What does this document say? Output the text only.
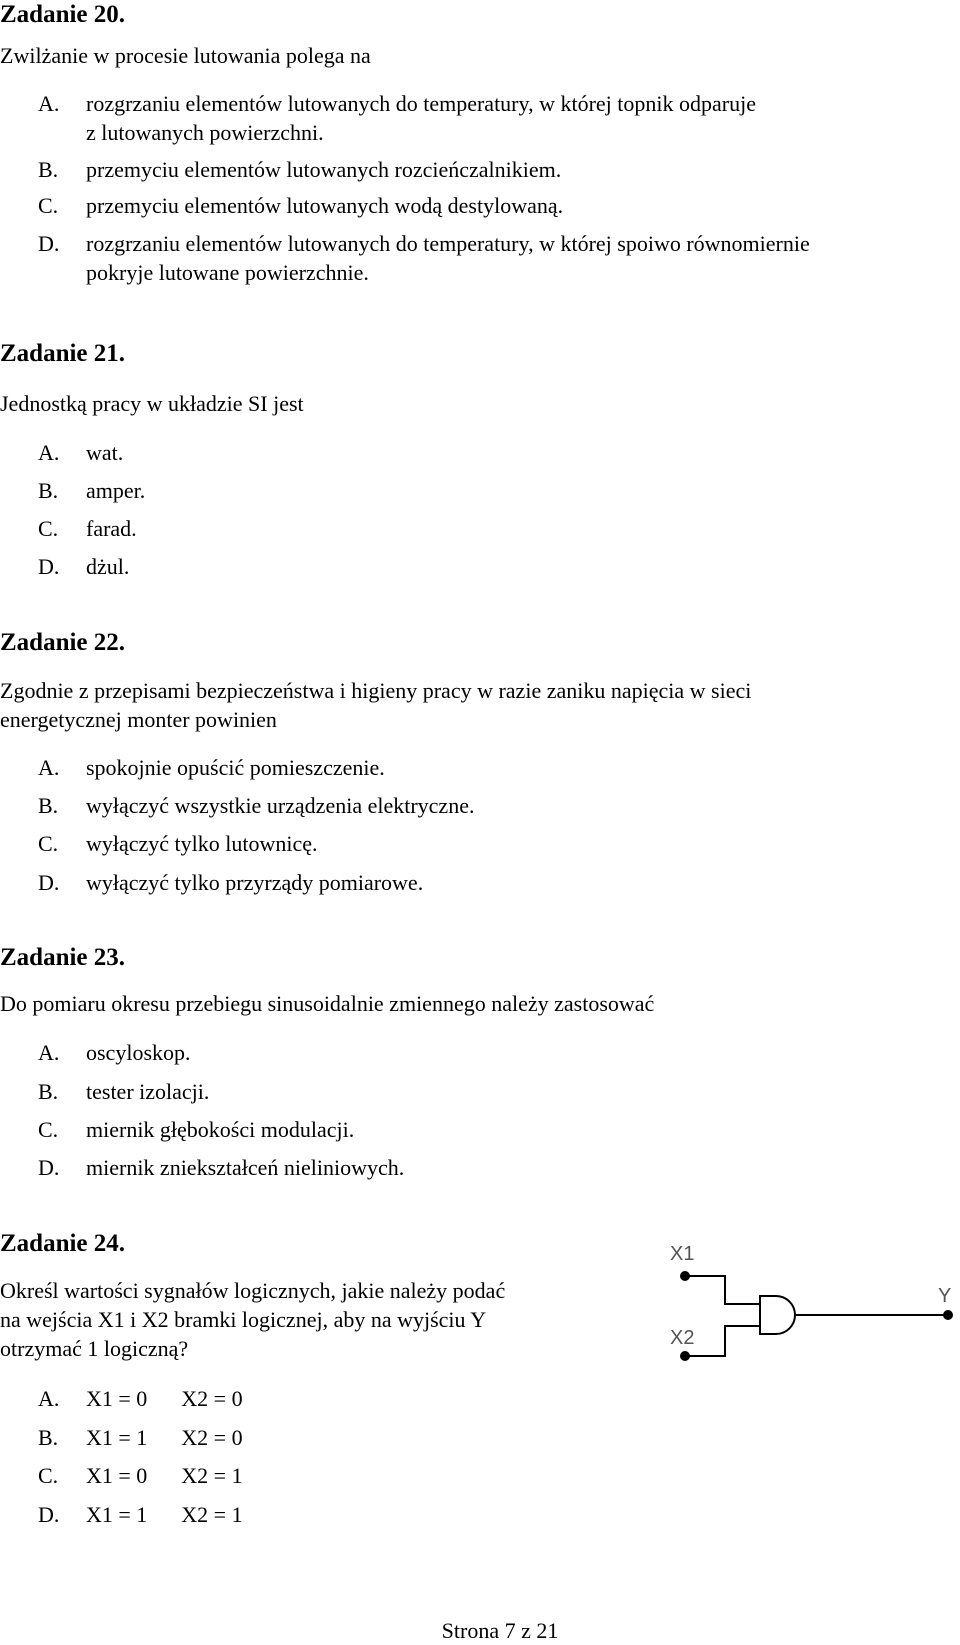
Zadanie 20.

Zwilżanie w procesie lutowania polega na

A. rozgrzaniu elementów lutowanych do temperatury, w której topnik odparuje
z lutowanych powierzchni.
B. przemyciu elementów lutowanych rozcieńczalnikiem.
C. przemyciu elementów lutowanych wodą destylowaną.
D. rozgrzaniu elementów lutowanych do temperatury, w której spoiwo równomiernie
pokryje lutowane powierzchnie.

Zadanie 21.

Jednostką pracy w układzie SI jest

A. wat.
B. amper.
C. farad.
D. dżul.

Zadanie 22.

Zgodnie z przepisami bezpieczeństwa i higieny pracy w razie zaniku napięcia w sieci
energetycznej monter powinien

A. spokojnie opuścić pomieszczenie.
B. wyłączyć wszystkie urządzenia elektryczne.
C. wyłączyć tylko lutownicę.
D. wyłączyć tylko przyrządy pomiarowe.

Zadanie 23.

Do pomiaru okresu przebiegu sinusoidalnie zmiennego należy zastosować

A. oscyloskop.
B. tester izolacji.
C. miernik głębokości modulacji.
D. miernik zniekształceń nieliniowych.

Zadanie 24.

Określ wartości sygnałów logicznych, jakie należy podać
na wejścia X1 i X2 bramki logicznej, aby na wyjściu Y
otrzymać 1 logiczną?

A. X1 = 0 X2 = 0
B. X1 = 1 X2 = 0
C. X1 = 0 X2 = 1
D. X1 = 1 X2 = 1
X1
X2
Y
Strona 7 z 21
